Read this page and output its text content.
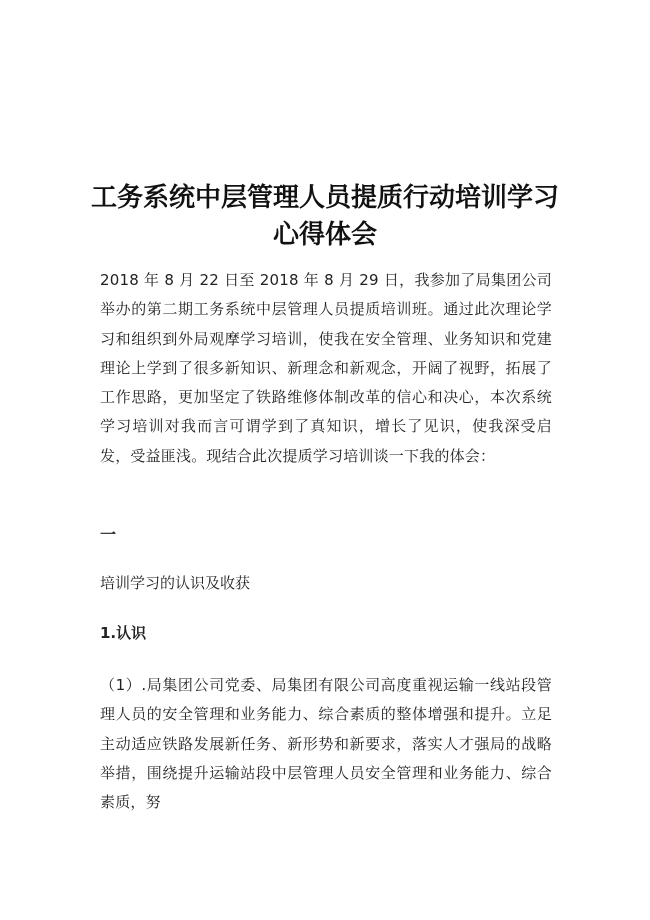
工务系统中层管理人员提质行动培训学习
心得体会

2018 年 8 月 22 日至 2018 年 8 月 29 日，我参加了局集团公司举办的第二期工务系统中层管理人员提质培训班。通过此次理论学习和组织到外局观摩学习培训，使我在安全管理、业务知识和党建理论上学到了很多新知识、新理念和新观念，开阔了视野，拓展了工作思路，更加坚定了铁路维修体制改革的信心和决心，本次系统学习培训对我而言可谓学到了真知识，增长了见识，使我深受启发，受益匪浅。现结合此次提质学习培训谈一下我的体会：

一

培训学习的认识及收获

1.认识

（1）.局集团公司党委、局集团有限公司高度重视运输一线站段管理人员的安全管理和业务能力、综合素质的整体增强和提升。立足主动适应铁路发展新任务、新形势和新要求，落实人才强局的战略举措，围绕提升运输站段中层管理人员安全管理和业务能力、综合素质，努
